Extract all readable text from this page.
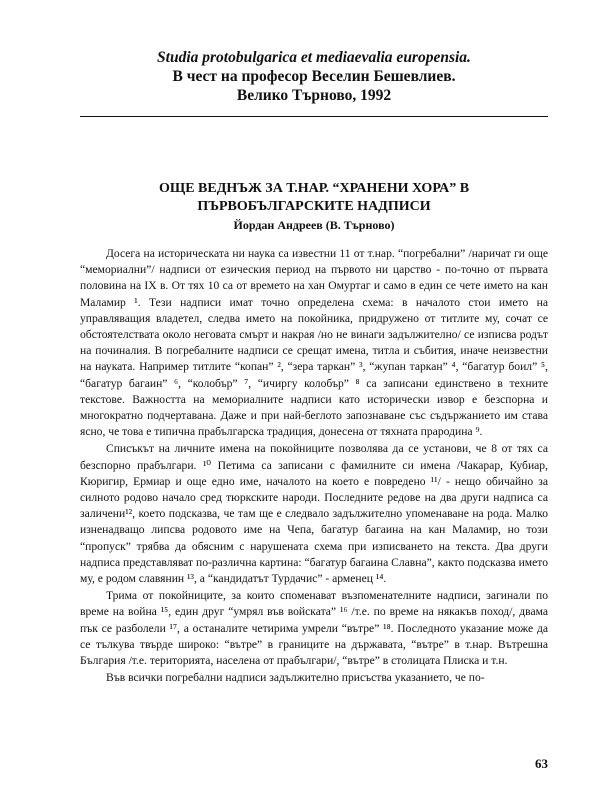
Studia protobulgarica et mediaevalia europensia.
В чест на професор Веселин Бешевлиев.
Велико Търново, 1992
ОЩЕ ВЕДНЪЖ ЗА Т.НАР. “ХРАНЕНИ ХОРА” В
ПЪРВОБЪЛГАРСКИТЕ НАДПИСИ
Йордан Андреев (В. Търново)

Досега на историческата ни наука са известни 11 от т.нар. “погребални” /наричат ги още “мемориални”/ надписи от езическия период на първото ни царство - по-точно от първата половина на IX в. От тях 10 са от времето на хан Омуртаг и само в един се чете името на кан Маламир ¹. Тези надписи имат точно определена схема: в началото стои името на управляващия владетел, следва името на покойника, придружено от титлите му, сочат се обстоятелствата около неговата смърт и накрая /но не винаги задължително/ се изписва родът на починалия. В погребалните надписи се срещат имена, титла и събития, иначе неизвестни на науката. Например титлите “копан” ², “зера таркан” ³, “жупан таркан” ⁴, “багатур боил” ⁵, “багатур багаин” ⁶, “колобър” ⁷, “ичиргу колобър” ⁸ са записани единствено в техните текстове. Важността на мемориалните надписи като исторически извор е безспорна и многократно подчертавана. Даже и при най-беглото запознаване със съдържанието им става ясно, че това е типична прабългарска традиция, донесена от тяхната прародина ⁹.

Списъкът на личните имена на покойниците позволява да се установи, че 8 от тях са безспорно прабългари. ¹⁰ Петима са записани с фамилните си имена /Чакарар, Кубиар, Кюригир, Ермиар и още едно име, началото на което е повредено ¹¹/ - нещо обичайно за силното родово начало сред тюркските народи. Последните редове на два други надписа са заличени¹², което подсказва, че там ще е следвало задължително упоменаване на рода. Малко изненадващо липсва родовото име на Чепа, багатур багаина на кан Маламир, но този “пропуск” трябва да обясним с нарушената схема при изписването на текста. Два други надписа представляват по-различна картина: “багатур багаина Славна”, както подсказва името му, е родом славянин ¹³, а “кандидатът Турдачис” - арменец ¹⁴.

Трима от покойниците, за които споменават възпоменателните надписи, загинали по време на война ¹⁵, един друг “умрял във войската” ¹⁶ /т.е. по време на някакъв поход/, двама пък се разболели ¹⁷, а останалите четирима умрели “вътре” ¹⁸. Последното указание може да се тълкува твърде широко: “вътре” в границите на държавата, “вътре” в т.нар. Вътрешна България /т.е. територията, населена от прабългари/, “вътре” в столицата Плиска и т.н.

Във всички погребални надписи задължително присъства указанието, че по-

63
